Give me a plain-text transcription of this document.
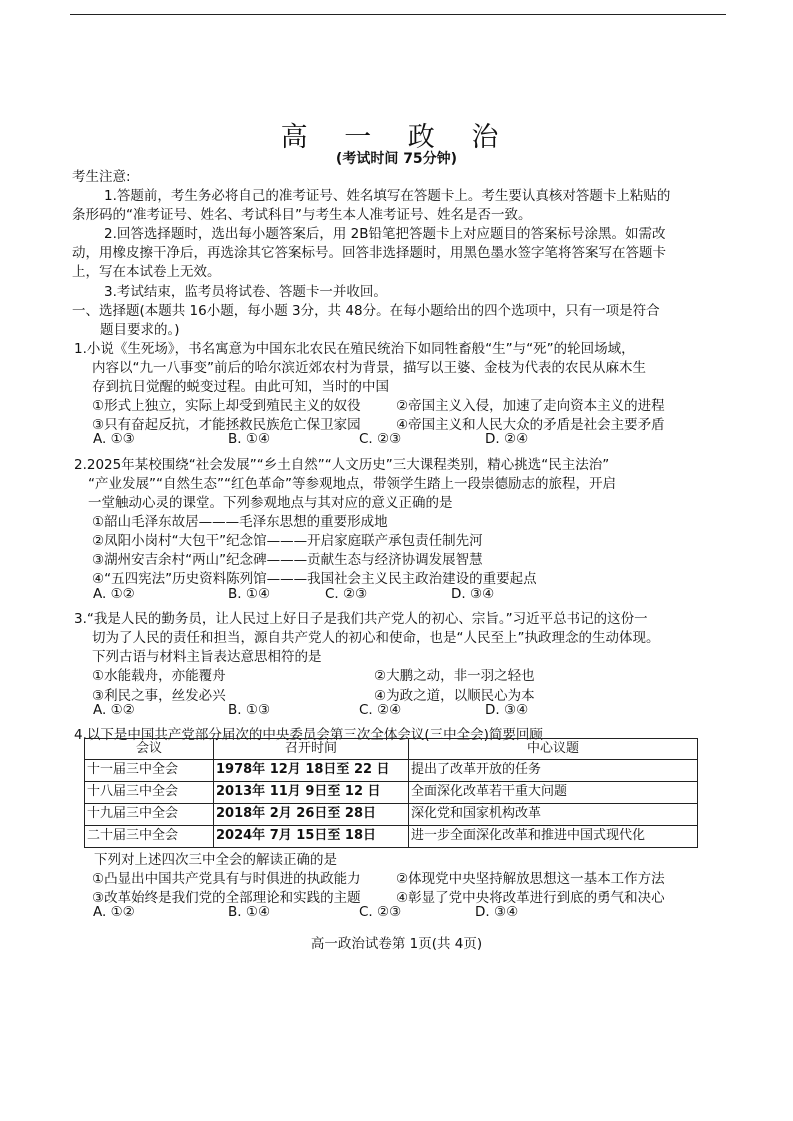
高 一 政 治
(考试时间 75分钟)
考生注意:
1.答题前，考生务必将自己的准考证号、姓名填写在答题卡上。考生要认真核对答题卡上粘贴的
条形码的“准考证号、姓名、考试科目”与考生本人准考证号、姓名是否一致。
2.回答选择题时，选出每小题答案后，用 2B铅笔把答题卡上对应题目的答案标号涂黑。如需改
动，用橡皮擦干净后，再选涂其它答案标号。回答非选择题时，用黑色墨水签字笔将答案写在答题卡
上，写在本试卷上无效。
3.考试结束，监考员将试卷、答题卡一并收回。
一、选择题(本题共 16小题，每小题 3分，共 48分。在每小题给出的四个选项中，只有一项是符合
题目要求的。)
1.小说《生死场》，书名寓意为中国东北农民在殖民统治下如同牲畜般“生”与“死”的轮回场域，
内容以“九一八事变”前后的哈尔滨近郊农村为背景，描写以王婆、金枝为代表的农民从麻木生
存到抗日觉醒的蜕变过程。由此可知，当时的中国
①形式上独立，实际上却受到殖民主义的奴役	②帝国主义入侵，加速了走向资本主义的进程
③只有奋起反抗，才能拯救民族危亡保卫家园	④帝国主义和人民大众的矛盾是社会主要矛盾
A. ①③	B. ①④	C. ②③	D. ②④
2.2025年某校围绕“社会发展”“乡土自然”“人文历史”三大课程类别，精心挑选“民主法治”
“产业发展”“自然生态”“红色革命”等参观地点，带领学生踏上一段崇德励志的旅程，开启
一堂触动心灵的课堂。下列参观地点与其对应的意义正确的是
①韶山毛泽东故居———毛泽东思想的重要形成地
②凤阳小岗村“大包干”纪念馆———开启家庭联产承包责任制先河
③湖州安吉余村“两山”纪念碑———贡献生态与经济协调发展智慧
④“五四宪法”历史资料陈列馆———我国社会主义民主政治建设的重要起点
A. ①②	B. ①④	C. ②③	D. ③④
3.“我是人民的勤务员，让人民过上好日子是我们共产党人的初心、宗旨。”习近平总书记的这份一
切为了人民的责任和担当，源自共产党人的初心和使命，也是“人民至上”执政理念的生动体现。
下列古语与材料主旨表达意思相符的是
①水能载舟，亦能覆舟	②大鹏之动，非一羽之轻也
③利民之事，丝发必兴	④为政之道，以顺民心为本
A. ①②	B. ①③	C. ②④	D. ③④
4.以下是中国共产党部分届次的中央委员会第三次全体会议(三中全会)简要回顾
会议	召开时间	中心议题
十一届三中全会	1978年 12月 18日至 22 日	提出了改革开放的任务
十八届三中全会	2013年 11月 9日至 12 日	全面深化改革若干重大问题
十九届三中全会	2018年 2月 26日至 28日	深化党和国家机构改革
二十届三中全会	2024年 7月 15日至 18日	进一步全面深化改革和推进中国式现代化
下列对上述四次三中全会的解读正确的是
①凸显出中国共产党具有与时俱进的执政能力	②体现党中央坚持解放思想这一基本工作方法
③改革始终是我们党的全部理论和实践的主题	④彰显了党中央将改革进行到底的勇气和决心
A. ①②	B. ①④	C. ②③	D. ③④
高一政治试卷第 1页(共 4页)
